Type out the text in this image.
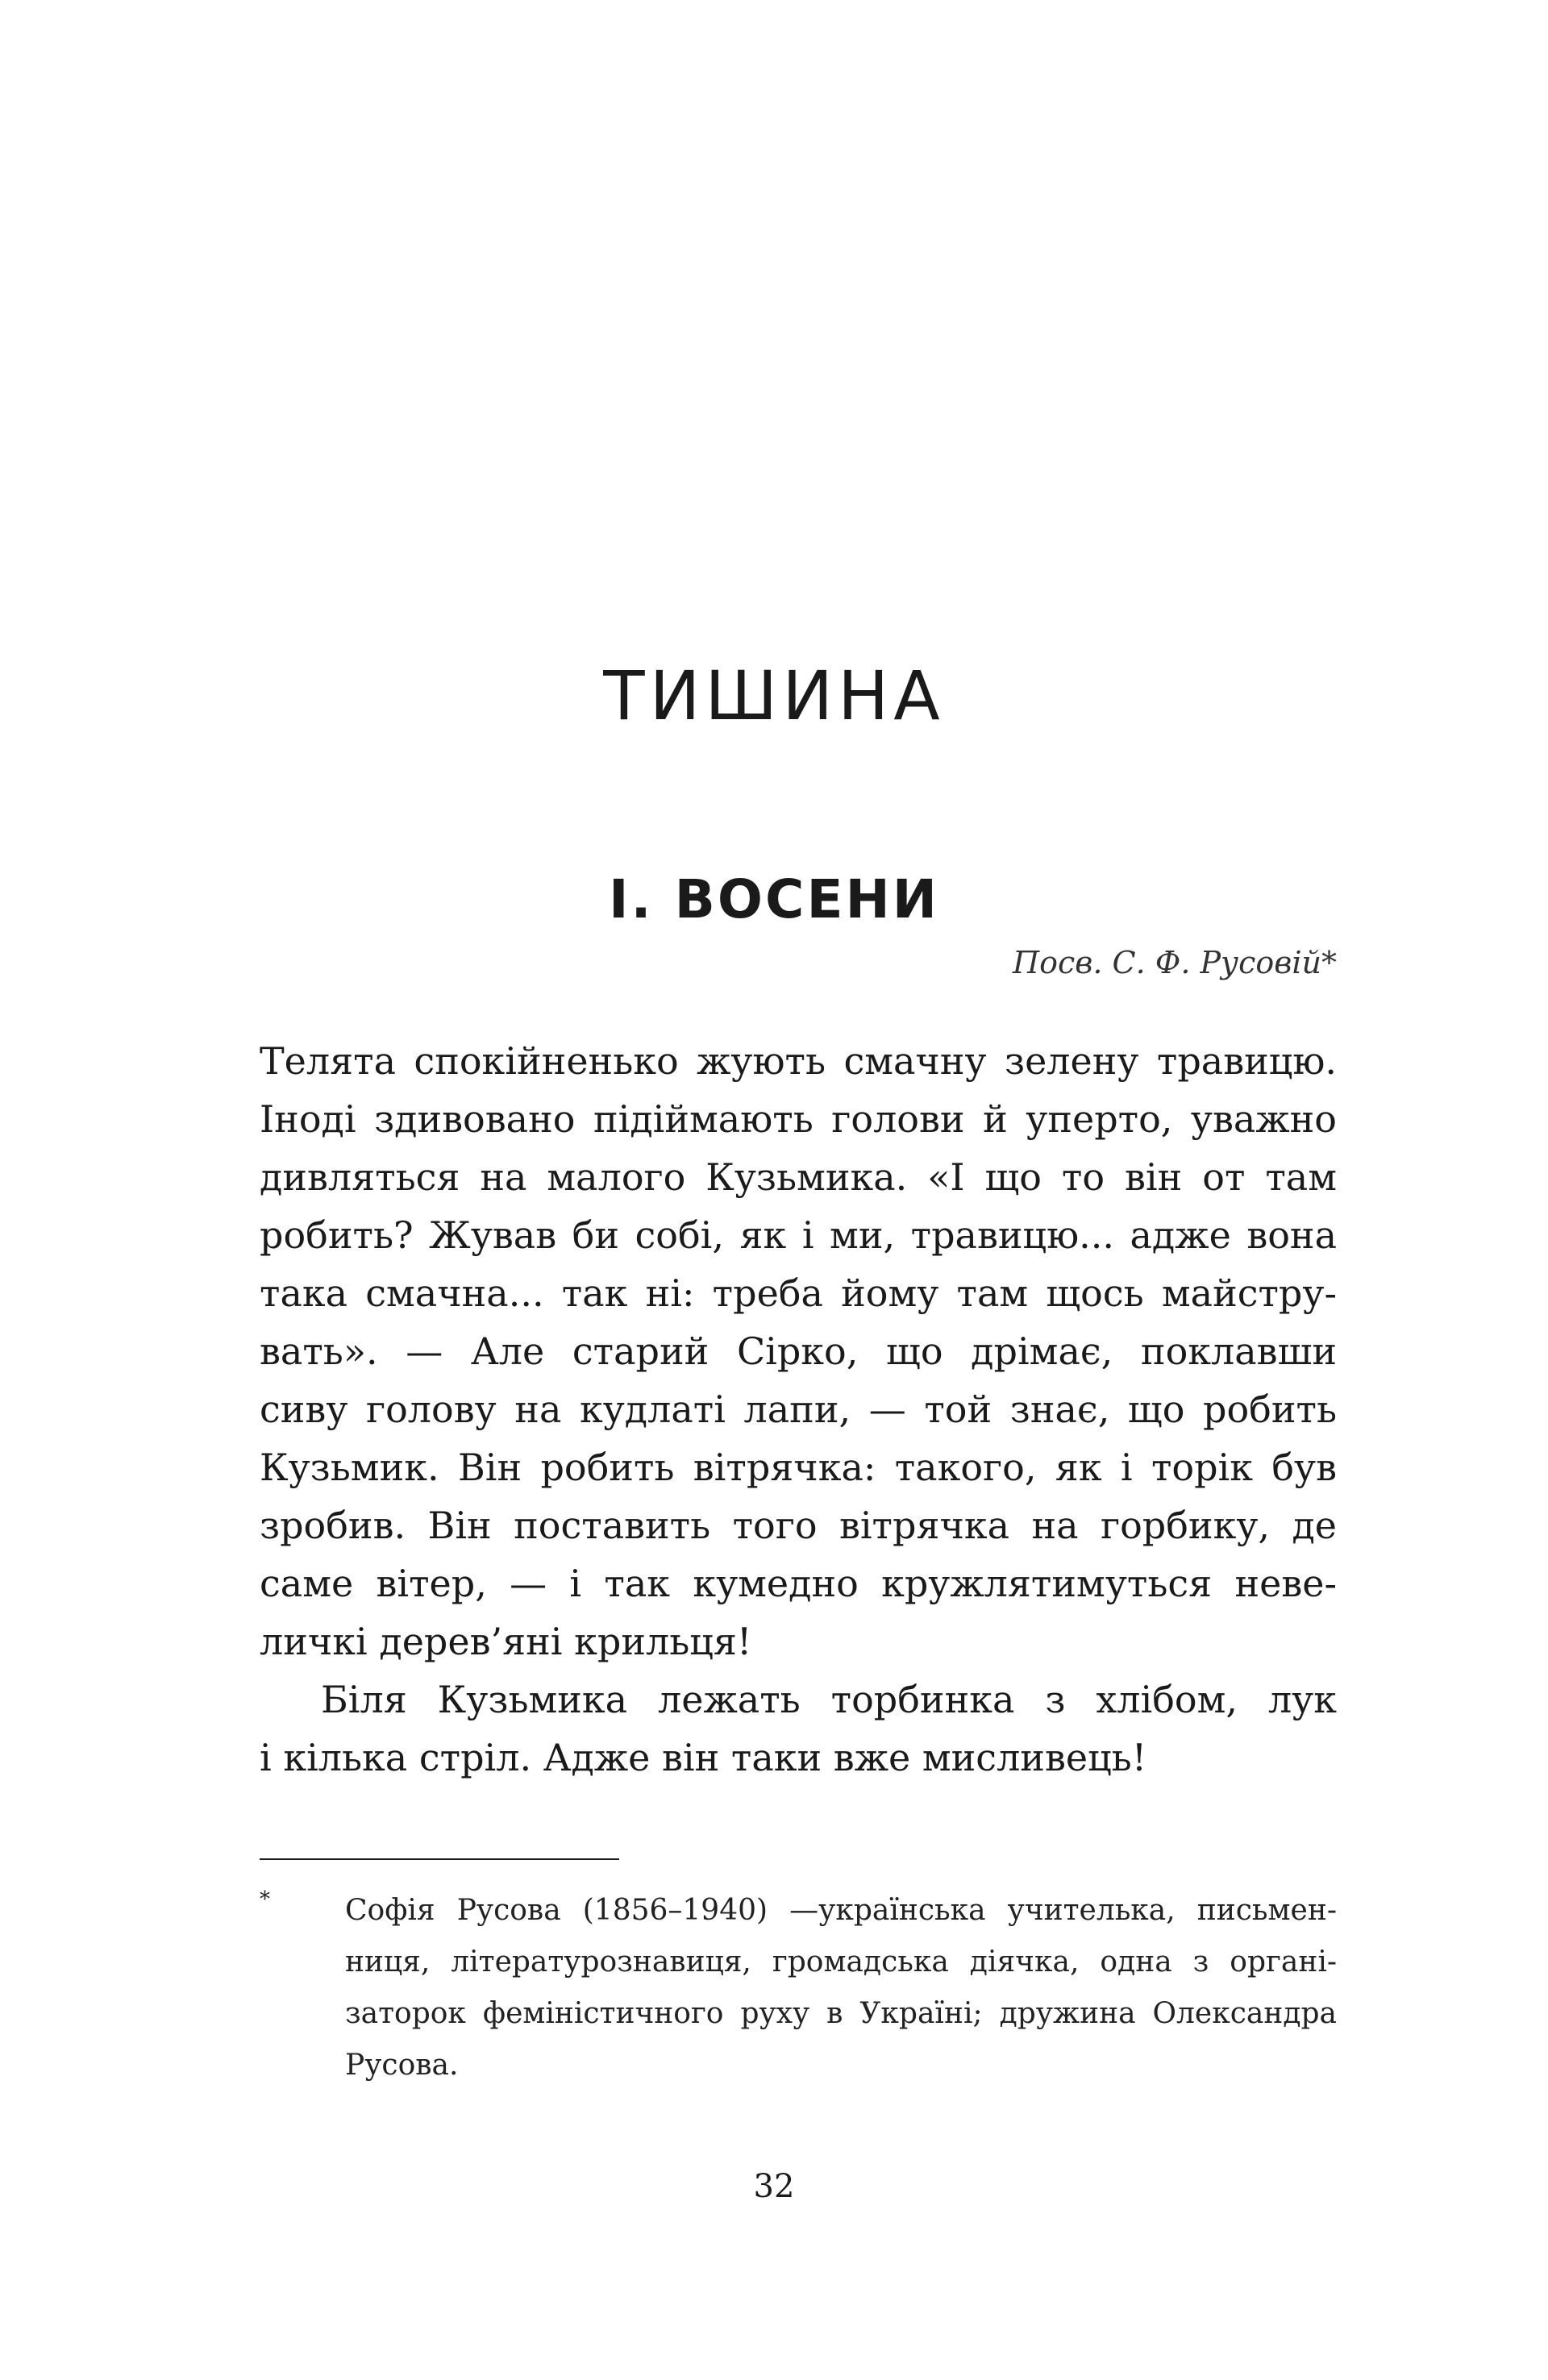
ТИШИНА
І. ВОСЕНИ
Посв. С. Ф. Русовій*

Телята спокійненько жують смачну зелену травицю.
Іноді здивовано підіймають голови й уперто, уважно
дивляться на малого Кузьмика. «І що то він от там
робить? Жував би собі, як і ми, травицю... адже вона
така смачна... так ні: треба йому там щось майстру-
вать». — Але старий Сірко, що дрімає, поклавши
сиву голову на кудлаті лапи, — той знає, що робить
Кузьмик. Він робить вітрячка: такого, як і торік був
зробив. Він поставить того вітрячка на горбику, де
саме вітер, — і так кумедно кружлятимуться неве-
личкі дерев’яні крильця!

Біля Кузьмика лежать торбинка з хлібом, лук
і кілька стріл. Адже він таки вже мисливець!

*	Софія Русова (1856–1940) —українська учителька, письмен-
ниця, літературознавиця, громадська діячка, одна з органі-
заторок феміністичного руху в Україні; дружина Олександра
Русова.
32
